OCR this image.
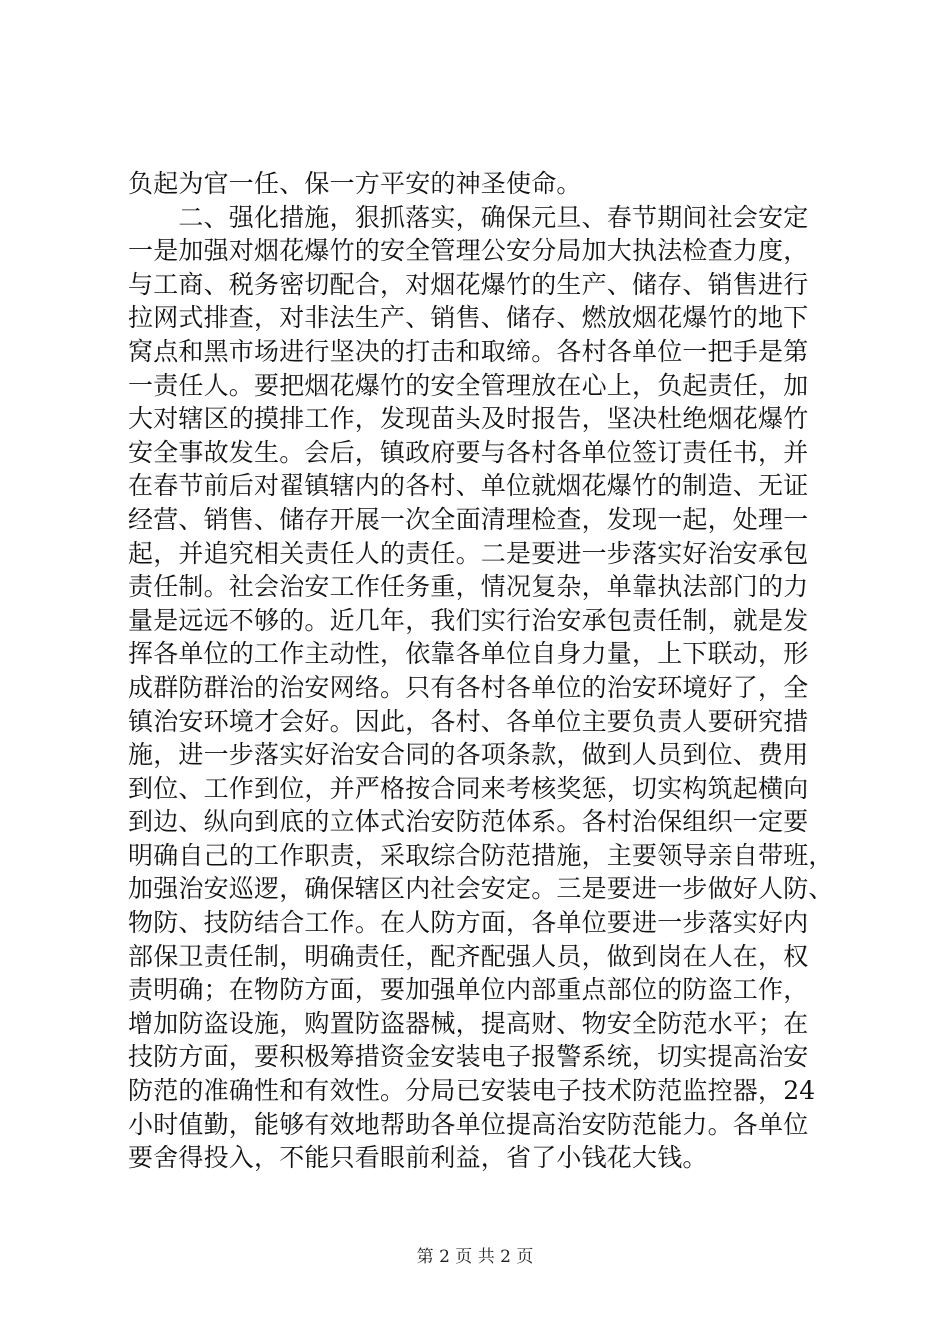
负起为官一任、保一方平安的神圣使命。
　　二、强化措施，狠抓落实，确保元旦、春节期间社会安定
一是加强对烟花爆竹的安全管理公安分局加大执法检查力度，
与工商、税务密切配合，对烟花爆竹的生产、储存、销售进行
拉网式排查，对非法生产、销售、储存、燃放烟花爆竹的地下
窝点和黑市场进行坚决的打击和取缔。各村各单位一把手是第
一责任人。要把烟花爆竹的安全管理放在心上，负起责任，加
大对辖区的摸排工作，发现苗头及时报告，坚决杜绝烟花爆竹
安全事故发生。会后，镇政府要与各村各单位签订责任书，并
在春节前后对翟镇辖内的各村、单位就烟花爆竹的制造、无证
经营、销售、储存开展一次全面清理检查，发现一起，处理一
起，并追究相关责任人的责任。二是要进一步落实好治安承包
责任制。社会治安工作任务重，情况复杂，单靠执法部门的力
量是远远不够的。近几年，我们实行治安承包责任制，就是发
挥各单位的工作主动性，依靠各单位自身力量，上下联动，形
成群防群治的治安网络。只有各村各单位的治安环境好了，全
镇治安环境才会好。因此，各村、各单位主要负责人要研究措
施，进一步落实好治安合同的各项条款，做到人员到位、费用
到位、工作到位，并严格按合同来考核奖惩，切实构筑起横向
到边、纵向到底的立体式治安防范体系。各村治保组织一定要
明确自己的工作职责，采取综合防范措施，主要领导亲自带班，
加强治安巡逻，确保辖区内社会安定。三是要进一步做好人防、
物防、技防结合工作。在人防方面，各单位要进一步落实好内
部保卫责任制，明确责任，配齐配强人员，做到岗在人在，权
责明确；在物防方面，要加强单位内部重点部位的防盗工作，
增加防盗设施，购置防盗器械，提高财、物安全防范水平；在
技防方面，要积极筹措资金安装电子报警系统，切实提高治安
防范的准确性和有效性。分局已安装电子技术防范监控器，24
小时值勤，能够有效地帮助各单位提高治安防范能力。各单位
要舍得投入，不能只看眼前利益，省了小钱花大钱。
第 2 页 共 2 页
